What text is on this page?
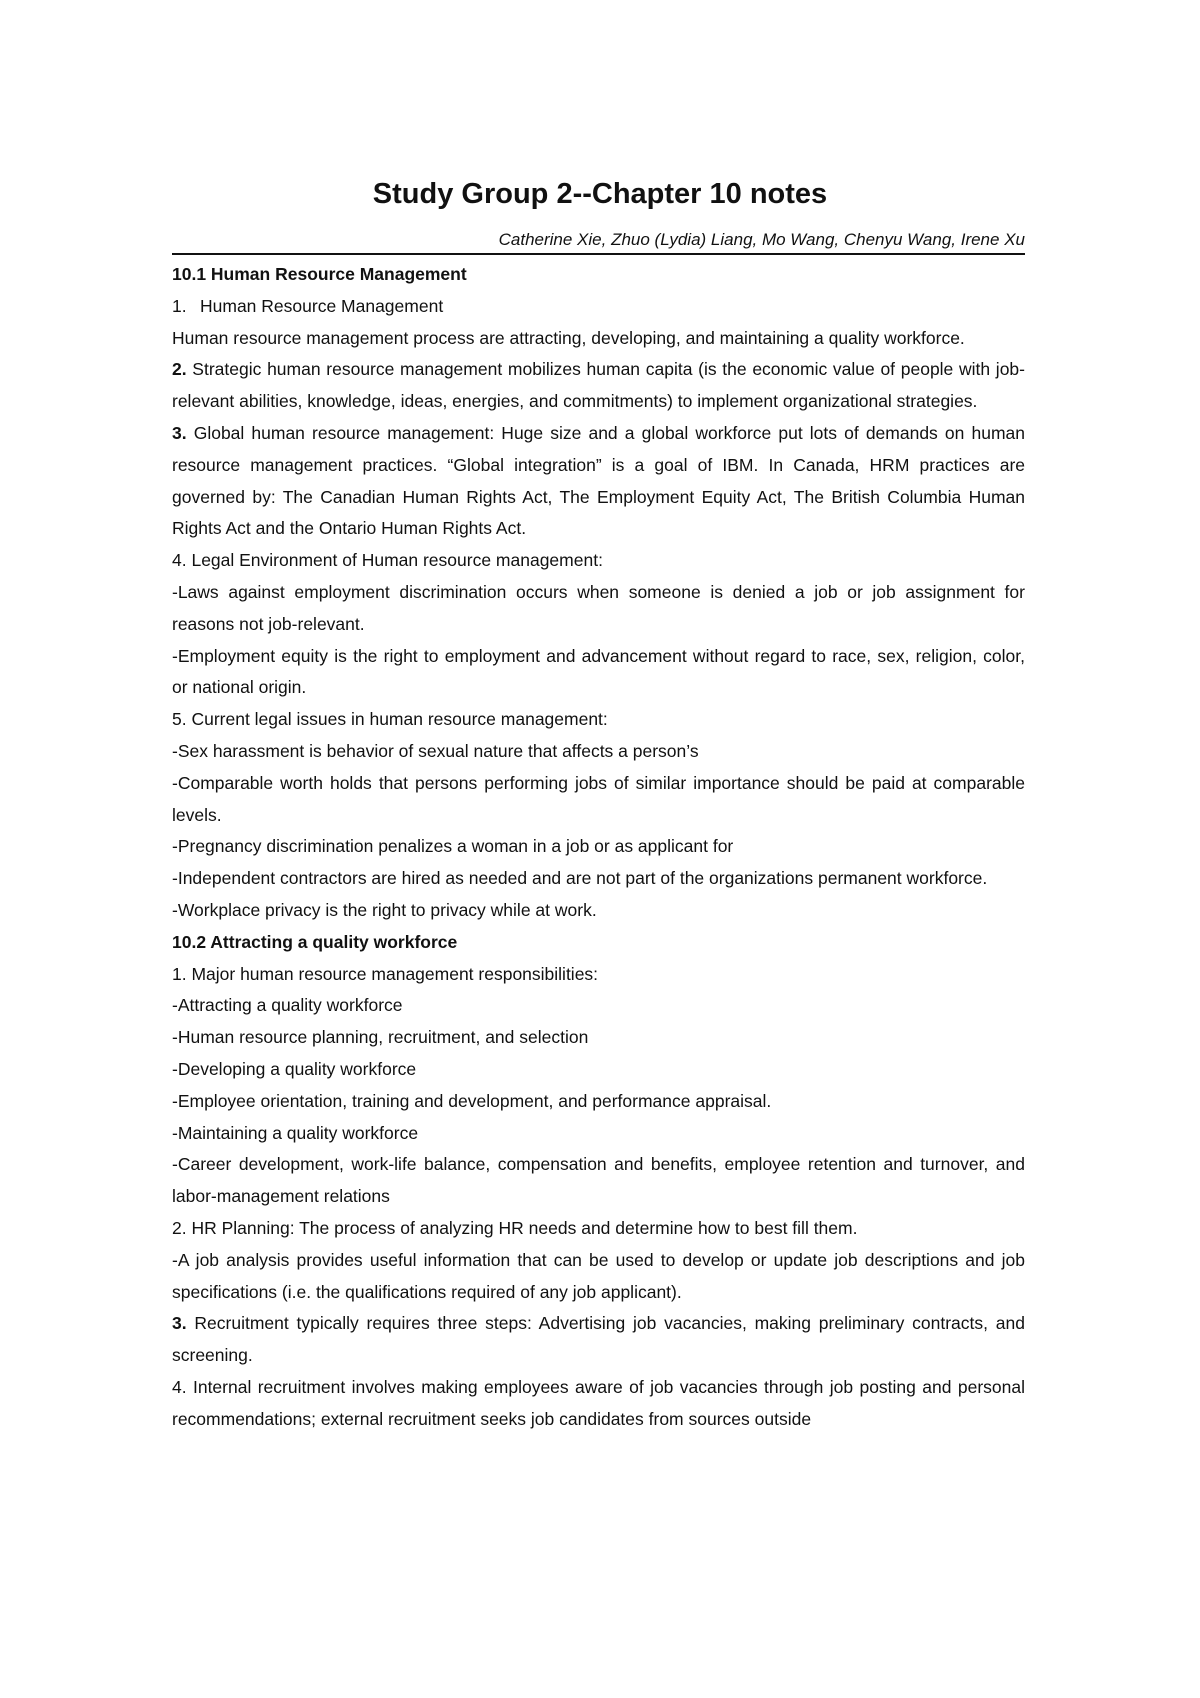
Study Group 2--Chapter 10 notes
Catherine Xie, Zhuo (Lydia) Liang, Mo Wang, Chenyu Wang, Irene Xu
10.1 Human Resource Management

1. Human Resource Management

Human resource management process are attracting, developing, and maintaining a quality workforce.

2. Strategic human resource management mobilizes human capita (is the economic value of people with job-relevant abilities, knowledge, ideas, energies, and commitments) to implement organizational strategies.

3. Global human resource management: Huge size and a global workforce put lots of demands on human resource management practices. “Global integration” is a goal of IBM. In Canada, HRM practices are governed by: The Canadian Human Rights Act, The Employment Equity Act, The British Columbia Human Rights Act and the Ontario Human Rights Act.

4. Legal Environment of Human resource management:

-Laws against employment discrimination occurs when someone is denied a job or job assignment for reasons not job-relevant.

-Employment equity is the right to employment and advancement without regard to race, sex, religion, color, or national origin.

5. Current legal issues in human resource management:

-Sex harassment is behavior of sexual nature that affects a person’s

-Comparable worth holds that persons performing jobs of similar importance should be paid at comparable levels.

-Pregnancy discrimination penalizes a woman in a job or as applicant for

-Independent contractors are hired as needed and are not part of the organizations permanent workforce.

-Workplace privacy is the right to privacy while at work.

10.2 Attracting a quality workforce

1. Major human resource management responsibilities:

-Attracting a quality workforce

-Human resource planning, recruitment, and selection

-Developing a quality workforce

-Employee orientation, training and development, and performance appraisal.

-Maintaining a quality workforce

-Career development, work-life balance, compensation and benefits, employee retention and turnover, and labor-management relations

2. HR Planning: The process of analyzing HR needs and determine how to best fill them.

-A job analysis provides useful information that can be used to develop or update job descriptions and job specifications (i.e. the qualifications required of any job applicant).

3. Recruitment typically requires three steps: Advertising job vacancies, making preliminary contracts, and screening.

4. Internal recruitment involves making employees aware of job vacancies through job posting and personal recommendations; external recruitment seeks job candidates from sources outside
